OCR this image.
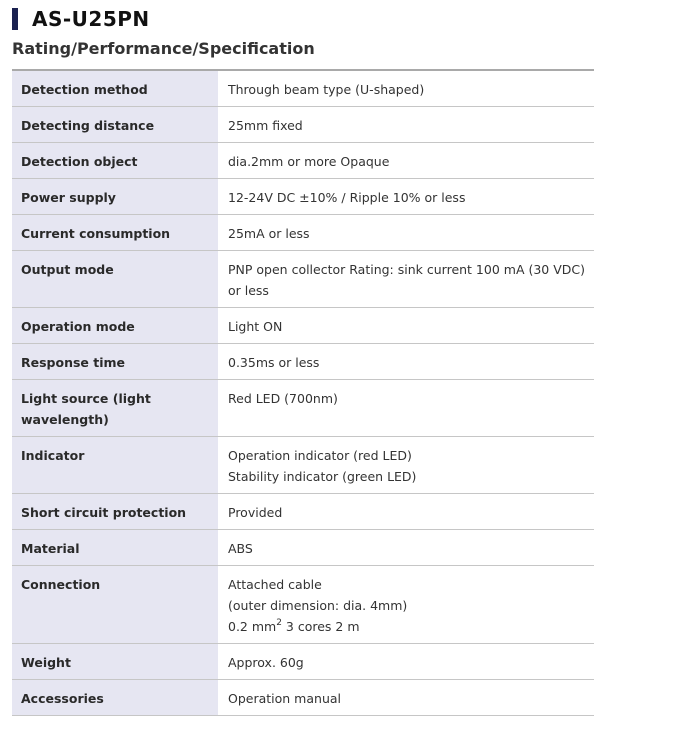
AS-U25PN
Rating/Performance/Specification
Detection method	Through beam type (U-shaped)
Detecting distance	25mm fixed
Detection object	dia.2mm or more Opaque
Power supply	12-24V DC ±10% / Ripple 10% or less
Current consumption	25mA or less
Output mode	PNP open collector Rating: sink current 100 mA (30 VDC) or less
Operation mode	Light ON
Response time	0.35ms or less
Light source (light wavelength)	Red LED (700nm)
Indicator	Operation indicator (red LED)
Stability indicator (green LED)

Short circuit protection	Provided
Material	ABS
Connection	Attached cable
(outer dimension: dia. 4mm)
0.2 $mm^2$ 3 cores 2 m

Weight	Approx. 60g
Accessories	Operation manual
